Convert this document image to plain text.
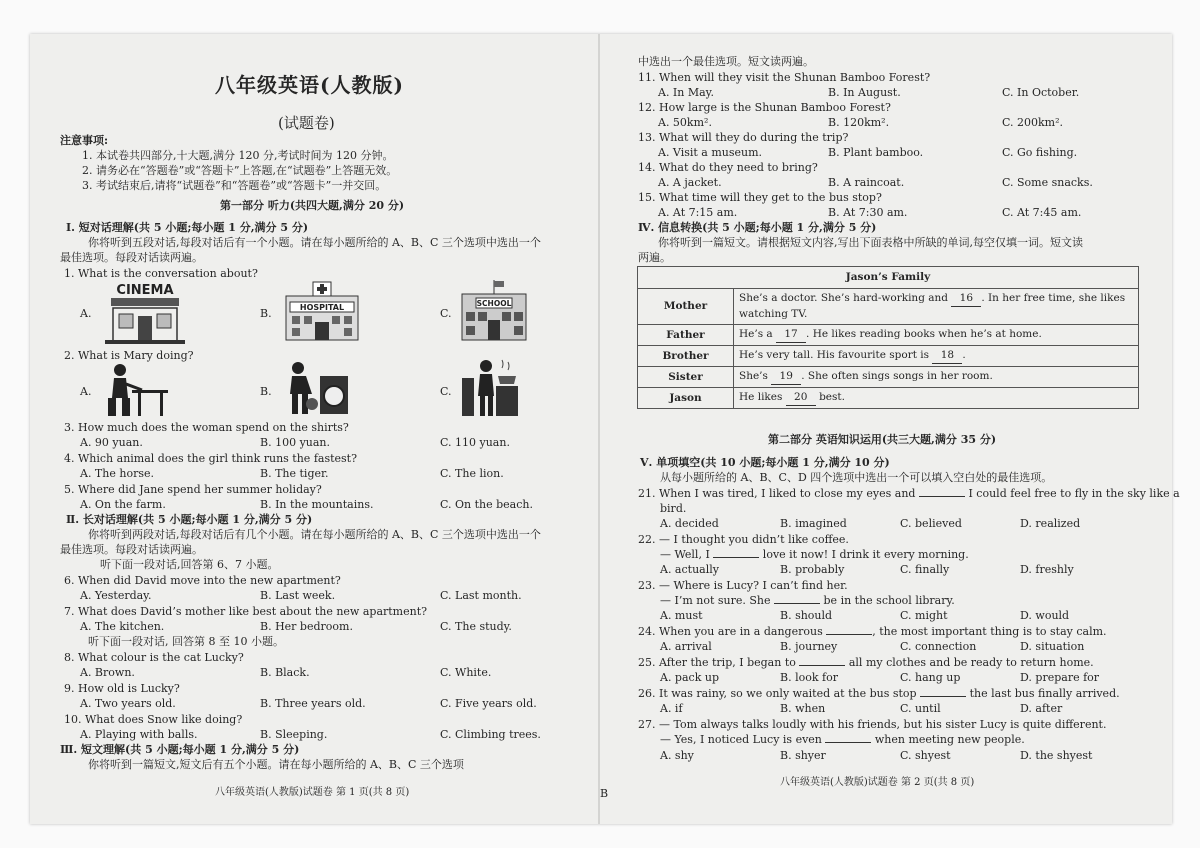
八年级英语(人教版)
(试题卷)
注意事项:
1. 本试卷共四部分,十大题,满分 120 分,考试时间为 120 分钟。
2. 请务必在“答题卷”或“答题卡”上答题,在“试题卷”上答题无效。
3. 考试结束后,请将“试题卷”和“答题卷”或“答题卡”一并交回。
第一部分 听力(共四大题,满分 20 分)
Ⅰ. 短对话理解(共 5 小题;每小题 1 分,满分 5 分)
你将听到五段对话,每段对话后有一个小题。请在每小题所给的 A、B、C 三个选项中选出一个
最佳选项。每段对话读两遍。
1. What is the conversation about?
A.
CINEMA
B.	HOSPITAL	C.
SCHOOL
2. What is Mary doing?
A.	B.	C.
3. How much does the woman spend on the shirts?
A. 90 yuan.	B. 100 yuan.	C. 110 yuan.
4. Which animal does the girl think runs the fastest?
A. The horse.	B. The tiger.	C. The lion.
5. Where did Jane spend her summer holiday?
A. On the farm.	B. In the mountains.	C. On the beach.
Ⅱ. 长对话理解(共 5 小题;每小题 1 分,满分 5 分)
你将听到两段对话,每段对话后有几个小题。请在每小题所给的 A、B、C 三个选项中选出一个
最佳选项。每段对话读两遍。
听下面一段对话,回答第 6、7 小题。
6. When did David move into the new apartment?
A. Yesterday.	B. Last week.	C. Last month.
7. What does David’s mother like best about the new apartment?
A. The kitchen.	B. Her bedroom.	C. The study.
听下面一段对话, 回答第 8 至 10 小题。
8. What colour is the cat Lucky?
A. Brown.	B. Black.	C. White.
9. How old is Lucky?
A. Two years old.	B. Three years old.	C. Five years old.
10. What does Snow like doing?
A. Playing with balls.	B. Sleeping.	C. Climbing trees.
Ⅲ. 短文理解(共 5 小题;每小题 1 分,满分 5 分)
你将听到一篇短文,短文后有五个小题。请在每小题所给的 A、B、C 三个选项
八年级英语(人教版)试题卷 第 1 页(共 8 页)	B
中选出一个最佳选项。短文读两遍。
11. When will they visit the Shunan Bamboo Forest?
A. In May.	B. In August.	C. In October.
12. How large is the Shunan Bamboo Forest?
A. 50km².	B. 120km².	C. 200km².
13. What will they do during the trip?
A. Visit a museum.	B. Plant bamboo.	C. Go fishing.
14. What do they need to bring?
A. A jacket.	B. A raincoat.	C. Some snacks.
15. What time will they get to the bus stop?
A. At 7:15 am.	B. At 7:30 am.	C. At 7:45 am.
Ⅳ. 信息转换(共 5 小题;每小题 1 分,满分 5 分)
你将听到一篇短文。请根据短文内容,写出下面表格中所缺的单词,每空仅填一词。短文读
两遍。
Jason’s Family	
Mother	She’s a doctor. She’s hard-working and 16 . In her free time, she likes watching TV.
Father	He’s a 17 . He likes reading books when he’s at home.
Brother	He’s very tall. His favourite sport is 18 .
Sister	She’s 19 . She often sings songs in her room.
Jason	He likes 20 best.
第二部分 英语知识运用(共三大题,满分 35 分)
Ⅴ. 单项填空(共 10 小题;每小题 1 分,满分 10 分)
从每小题所给的 A、B、C、D 四个选项中选出一个可以填入空白处的最佳选项。
21. When I was tired, I liked to close my eyes and	I could feel free to fly in the sky like a
bird.
A. decided	B. imagined	C. believed	D. realized
22. — I thought you didn’t like coffee.
— Well, I	love it now! I drink it every morning.
A. actually	B. probably	C. finally	D. freshly
23. — Where is Lucy? I can’t find her.
— I’m not sure. She	be in the school library.
A. must	B. should	C. might	D. would
24. When you are in a dangerous	, the most important thing is to stay calm.
A. arrival	B. journey	C. connection	D. situation
25. After the trip, I began to	all my clothes and be ready to return home.
A. pack up	B. look for	C. hang up	D. prepare for
26. It was rainy, so we only waited at the bus stop	the last bus finally arrived.
A. if	B. when	C. until	D. after
27. — Tom always talks loudly with his friends, but his sister Lucy is quite different.
— Yes, I noticed Lucy is even	when meeting new people.
A. shy	B. shyer	C. shyest	D. the shyest
八年级英语(人教版)试题卷 第 2 页(共 8 页)
